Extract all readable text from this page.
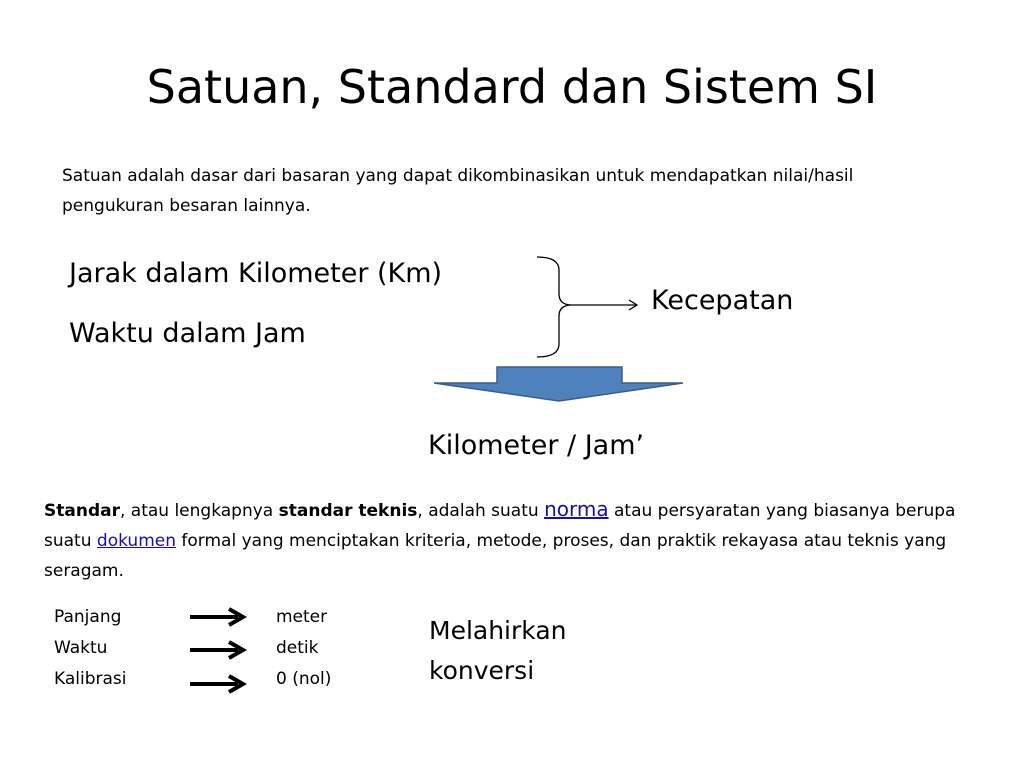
Satuan, Standard dan Sistem SI
Satuan adalah dasar dari basaran yang dapat dikombinasikan untuk mendapatkan nilai/hasil pengukuran besaran lainnya.
Jarak dalam Kilometer (Km)
Waktu dalam Jam
Kecepatan
Kilometer / Jam’
Standar, atau lengkapnya standar teknis, adalah suatu norma atau persyaratan yang biasanya berupa suatu dokumen formal yang menciptakan kriteria, metode, proses, dan praktik rekayasa atau teknis yang seragam.
Panjang
Waktu
Kalibrasi
meter
detik
0 (nol)
Melahirkan
konversi
